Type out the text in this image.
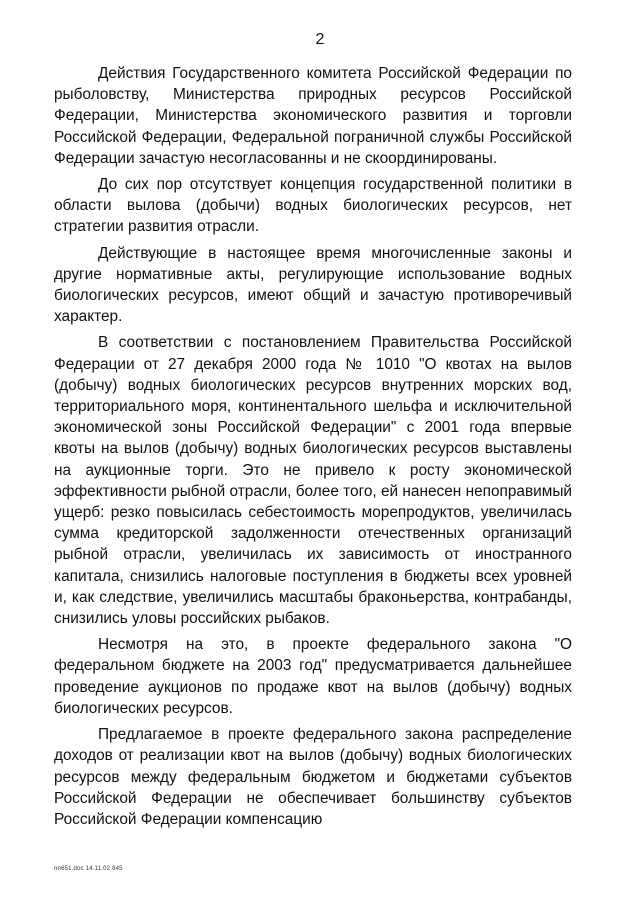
2

Действия Государственного комитета Российской Федерации по рыболовству, Министерства природных ресурсов Российской Федерации, Министерства экономического развития и торговли Российской Федерации, Федеральной пограничной службы Российской Федерации зачастую несогласованны и не скоординированы.

До сих пор отсутствует концепция государственной политики в области вылова (добычи) водных биологических ресурсов, нет стратегии развития отрасли.

Действующие в настоящее время многочисленные законы и другие нормативные акты, регулирующие использование водных биологических ресурсов, имеют общий и зачастую противоречивый характер.

В соответствии с постановлением Правительства Российской Федерации от 27 декабря 2000 года № 1010 "О квотах на вылов (добычу) водных биологических ресурсов внутренних морских вод, территориального моря, континентального шельфа и исключительной экономической зоны Российской Федерации" с 2001 года впервые квоты на вылов (добычу) водных биологических ресурсов выставлены на аукционные торги. Это не привело к росту экономической эффективности рыбной отрасли, более того, ей нанесен непоправимый ущерб: резко повысилась себестоимость морепродуктов, увеличилась сумма кредиторской задолженности отечественных организаций рыбной отрасли, увеличилась их зависимость от иностранного капитала, снизились налоговые поступления в бюджеты всех уровней и, как следствие, увеличились масштабы браконьерства, контрабанды, снизились уловы российских рыбаков.

Несмотря на это, в проекте федерального закона "О федеральном бюджете на 2003 год" предусматривается дальнейшее проведение аукционов по продаже квот на вылов (добычу) водных биологических ресурсов.

Предлагаемое в проекте федерального закона распределение доходов от реализации квот на вылов (добычу) водных биологических ресурсов между федеральным бюджетом и бюджетами субъектов Российской Федерации не обеспечивает большинству субъектов Российской Федерации компенсацию

nn651.doc 14.11.02 845
